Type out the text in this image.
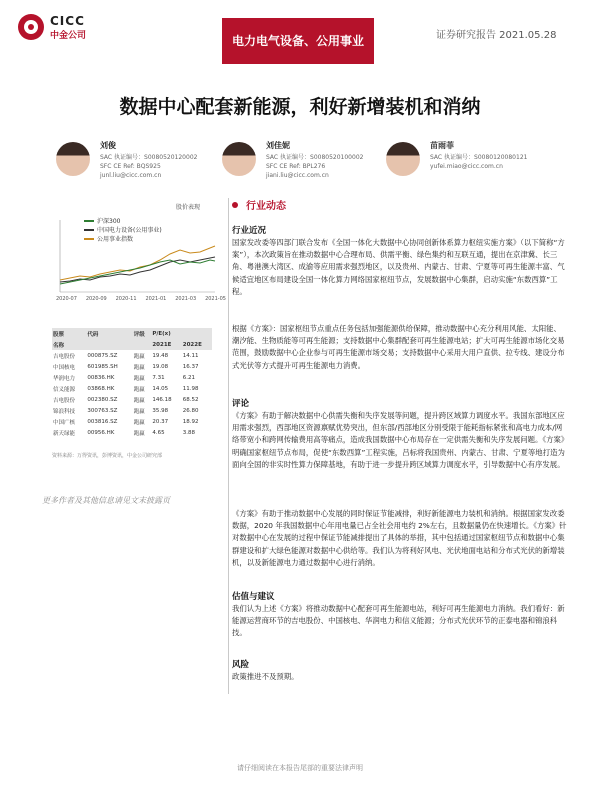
CICC
中金公司	电力电气设备、公用事业	证券研究报告 2021.05.28
数据中心配套新能源，利好新增装机和消纳
刘俊
SAC 执证编号：S0080520120002
SFC CE Ref: BQS925
junl.liu@cicc.com.cn
刘佳妮
SAC 执证编号：S0080520100002
SFC CE Ref: BPL276
jiani.liu@cicc.com.cn
苗雨菲
SAC 执证编号：S0080120080121
yufei.miao@cicc.com.cn
股价表现
沪深300
中国电力设备(公用事业)
公用事业指数
2020-07 2020-09 2020-11 2021-01 2021-03 2021-05
股票	代码	评级	P/E(x)	
名称			2021E	2022E
吉电股份	000875.SZ	跑赢	19.48	14.11
中国核电	601985.SH	跑赢	19.08	16.37
华润电力	00836.HK	跑赢	7.31	6.21
信义能源	03868.HK	跑赢	14.05	11.98
吉电股份	002380.SZ	跑赢	146.18	68.52
锦浪科技	300763.SZ	跑赢	35.98	26.80
中国广核	003816.SZ	跑赢	20.37	18.92
新天绿能	00956.HK	跑赢	4.65	3.88
资料来源：万得资讯，彭博资讯，中金公司研究部
更多作者及其他信息请见文末披露页
行业动态
行业近况
国家发改委等四部门联合发布《全国一体化大数据中心协同创新体系算力枢纽实施方案》（以下简称“方案”），本次政策旨在推动数据中心合理布局、供需平衡、绿色集约和互联互通，提出在京津冀、长三角、粤港澳大湾区、成渝等应用需求强烈地区，以及贵州、内蒙古、甘肃、宁夏等可再生能源丰富、气候适宜地区布局建设全国一体化算力网络国家枢纽节点，发展数据中心集群，启动实施“东数西算”工程。
根据《方案》：国家枢纽节点重点任务包括加强能源供给保障，推动数据中心充分利用风能、太阳能、潮汐能、生物质能等可再生能源；支持数据中心集群配套可再生能源电站；扩大可再生能源市场化交易范围，鼓励数据中心企业参与可再生能源市场交易；支持数据中心采用大用户直供、拉专线、建设分布式光伏等方式提升可再生能源电力消费。
评论
《方案》有助于解决数据中心供需失衡和失序发展等问题，提升跨区域算力调度水平。我国东部地区应用需求强烈，西部地区资源禀赋优势突出，但东部/西部地区分别受限于能耗指标紧张和高电力成本/网络带宽小和跨网传输费用高等痛点，造成我国数据中心布局存在一定供需失衡和失序发展问题。《方案》明确国家枢纽节点布局，促使“东数西算”工程实施，吕标将我国贵州、内蒙古、甘肃、宁夏等地打造为面向全国的非实时性算力保障基地，有助于进一步提升跨区域算力调度水平，引导数据中心有序发展。
《方案》有助于推动数据中心发展的同时保证节能减排，利好新能源电力装机和消纳。根据国家发改委数据，2020 年我国数据中心年用电量已占全社会用电约 2%左右，且数据量仍在快速增长。《方案》针对数据中心在发展的过程中保证节能减排提出了具体的举措，其中包括通过国家枢纽节点和数据中心集群建设和扩大绿色能源对数据中心供给等。我们认为将利好风电、光伏地面电站和分布式光伏的新增装机，以及新能源电力通过数据中心进行消纳。
估值与建议
我们认为上述《方案》将推动数据中心配套可再生能源电站，利好可再生能源电力消纳。我们看好：新能源运营商环节的吉电股份、中国核电、华润电力和信义能源；分布式光伏环节的正泰电器和锦浪科技。
风险
政策推进不及预期。
请仔细阅读在本报告尾部的重要法律声明
